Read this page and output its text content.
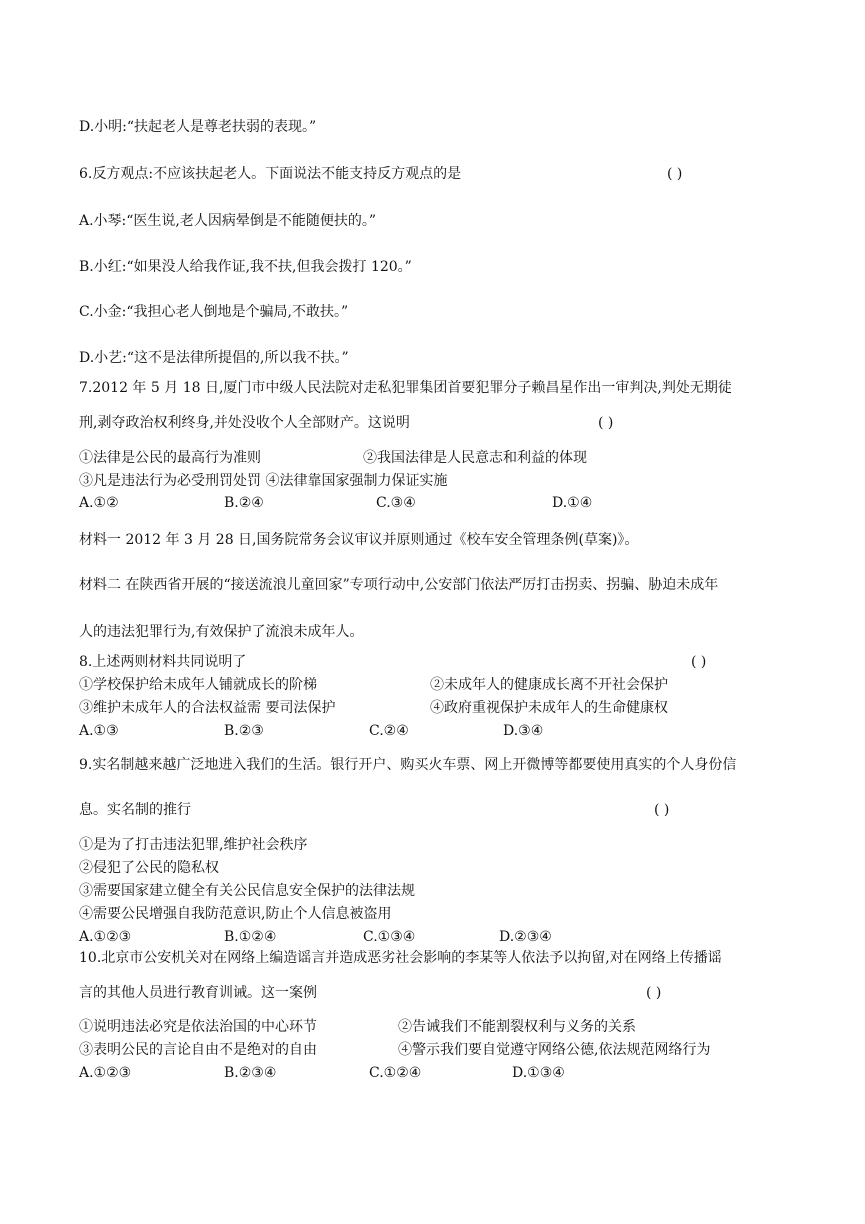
D.小明:“扶起老人是尊老扶弱的表现。”
6.反方观点:不应该扶起老人。下面说法不能支持反方观点的是	( )
A.小琴:“医生说,老人因病晕倒是不能随便扶的。”
B.小红:“如果没人给我作证,我不扶,但我会拨打 120。”
C.小金:“我担心老人倒地是个骗局,不敢扶。”
D.小艺:“这不是法律所提倡的,所以我不扶。”
7.2012 年 5 月 18 日,厦门市中级人民法院对走私犯罪集团首要犯罪分子赖昌星作出一审判决,判处无期徒
刑,剥夺政治权利终身,并处没收个人全部财产。这说明	( )
①法律是公民的最高行为准则	②我国法律是人民意志和利益的体现
③凡是违法行为必受刑罚处罚 ④法律靠国家强制力保证实施
A.①②	B.②④	C.③④	D.①④
材料一 2012 年 3 月 28 日,国务院常务会议审议并原则通过《校车安全管理条例(草案)》。
材料二 在陕西省开展的“接送流浪儿童回家”专项行动中,公安部门依法严厉打击拐卖、拐骗、胁迫未成年
人的违法犯罪行为,有效保护了流浪未成年人。
8.上述两则材料共同说明了	( )
①学校保护给未成年人铺就成长的阶梯	②未成年人的健康成长离不开社会保护
③维护未成年人的合法权益需 要司法保护	④政府重视保护未成年人的生命健康权
A.①③	B.②③	C.②④	D.③④
9.实名制越来越广泛地进入我们的生活。银行开户、购买火车票、网上开微博等都要使用真实的个人身份信
息。实名制的推行	( )
①是为了打击违法犯罪,维护社会秩序
②侵犯了公民的隐私权
③需要国家建立健全有关公民信息安全保护的法律法规
④需要公民增强自我防范意识,防止个人信息被盗用
A.①②③	B.①②④	C.①③④	D.②③④
10.北京市公安机关对在网络上编造谣言并造成恶劣社会影响的李某等人依法予以拘留,对在网络上传播谣
言的其他人员进行教育训诫。这一案例	( )
①说明违法必究是依法治国的中心环节	②告诫我们不能割裂权利与义务的关系
③表明公民的言论自由不是绝对的自由	④警示我们要自觉遵守网络公德,依法规范网络行为
A.①②③	B.②③④	C.①②④	D.①③④
